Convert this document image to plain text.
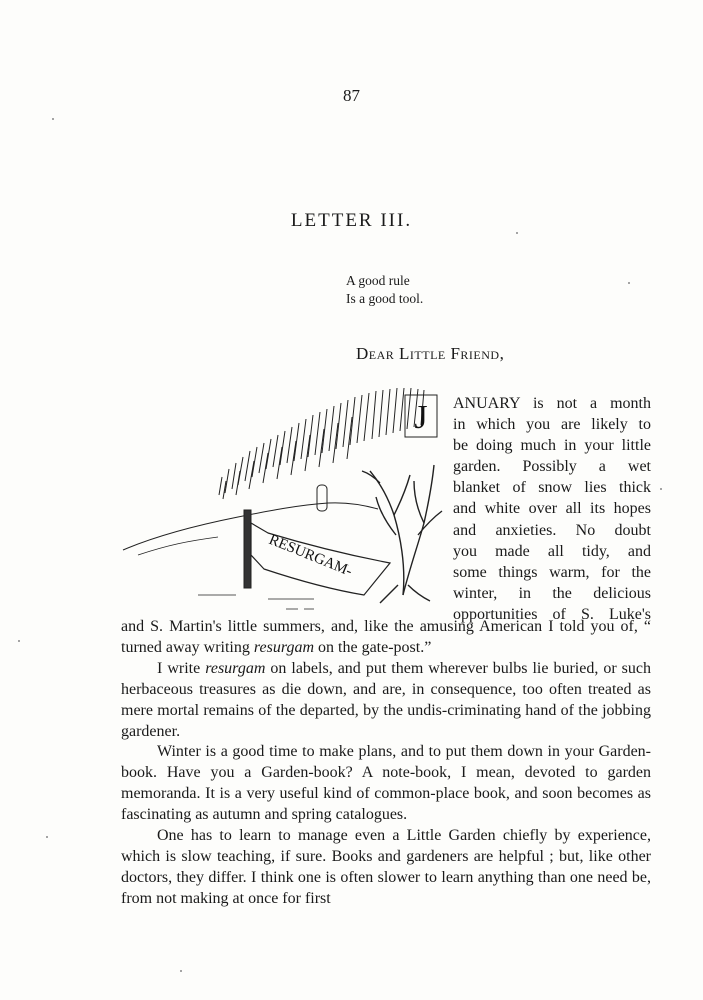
87
LETTER III.
A good rule
Is a good tool.
Dear Little Friend,
RESURGAM-
J ANUARY is not a month
in which you are likely to
be doing much in your little
garden. Possibly a wet
blanket of snow lies thick
and white over all its hopes
and anxieties. No doubt
you made all tidy, and
some things warm, for the
winter, in the delicious
opportunities of S. Luke's

and S. Martin's little summers, and, like the amusing American I told you of, “ turned away writing resurgam on the gate-post.”

I write resurgam on labels, and put them wherever bulbs lie buried, or such herbaceous treasures as die down, and are, in consequence, too often treated as mere mortal remains of the departed, by the undis-criminating hand of the jobbing gardener.

Winter is a good time to make plans, and to put them down in your Garden-book. Have you a Garden-book? A note-book, I mean, devoted to garden memoranda. It is a very useful kind of common-place book, and soon becomes as fascinating as autumn and spring catalogues.

One has to learn to manage even a Little Garden chiefly by experience, which is slow teaching, if sure. Books and gardeners are helpful ; but, like other doctors, they differ. I think one is often slower to learn anything than one need be, from not making at once for first
